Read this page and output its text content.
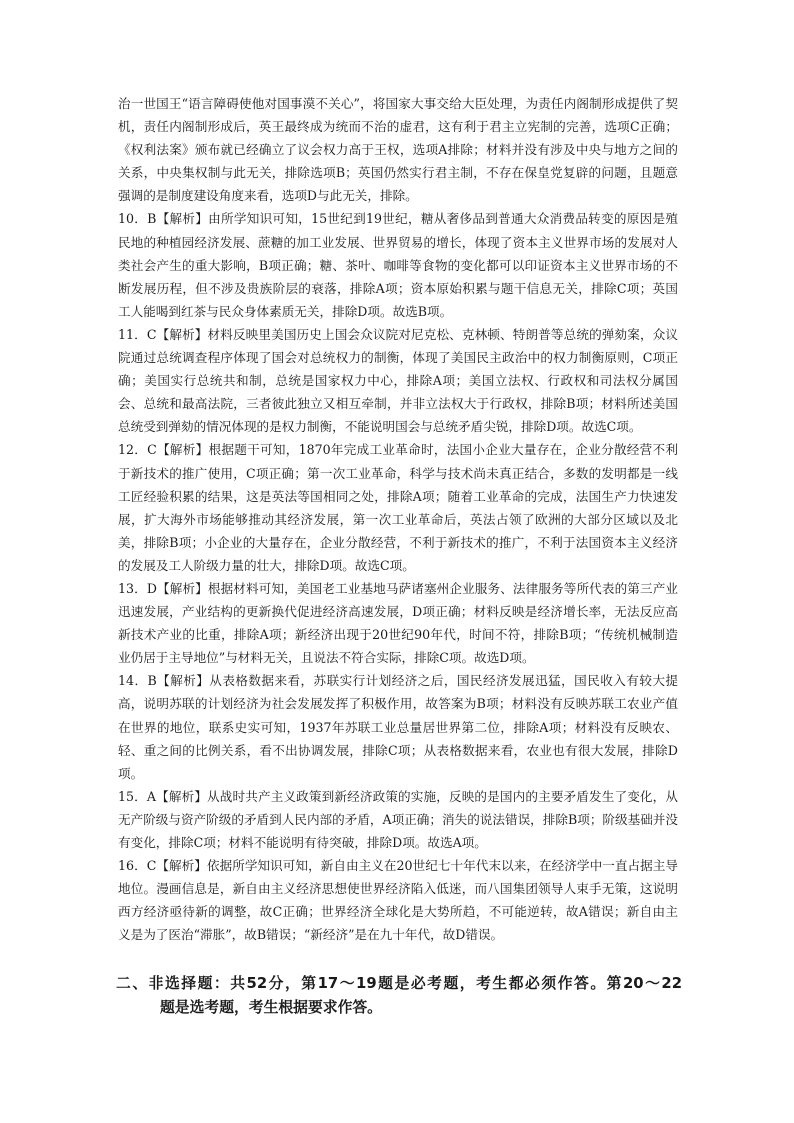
治一世国王“语言障碍使他对国事漠不关心”，将国家大事交给大臣处理，为责任内阁制形成提供了契机，责任内阁制形成后，英王最终成为统而不治的虚君，这有利于君主立宪制的完善，选项C正确；《权利法案》颁布就已经确立了议会权力高于王权，选项A排除；材料并没有涉及中央与地方之间的关系，中央集权制与此无关，排除选项B；英国仍然实行君主制，不存在保皇党复辟的问题，且题意强调的是制度建设角度来看，选项D与此无关，排除。

10．B【解析】由所学知识可知，15世纪到19世纪，糖从奢侈品到普通大众消费品转变的原因是殖民地的种植园经济发展、蔗糖的加工业发展、世界贸易的增长，体现了资本主义世界市场的发展对人类社会产生的重大影响，B项正确；糖、茶叶、咖啡等食物的变化都可以印证资本主义世界市场的不断发展历程，但不涉及贵族阶层的衰落，排除A项；资本原始积累与题干信息无关，排除C项；英国工人能喝到红茶与民众身体素质无关，排除D项。故选B项。

11．C【解析】材料反映里美国历史上国会众议院对尼克松、克林顿、特朗普等总统的弹劾案，众议院通过总统调查程序体现了国会对总统权力的制衡，体现了美国民主政治中的权力制衡原则，C项正确；美国实行总统共和制，总统是国家权力中心，排除A项；美国立法权、行政权和司法权分属国会、总统和最高法院，三者彼此独立又相互牵制，并非立法权大于行政权，排除B项；材料所述美国总统受到弹劾的情况体现的是权力制衡，不能说明国会与总统矛盾尖锐，排除D项。故选C项。

12．C【解析】根据题干可知，1870年完成工业革命时，法国小企业大量存在，企业分散经营不利于新技术的推广使用，C项正确；第一次工业革命，科学与技术尚未真正结合，多数的发明都是一线工匠经验积累的结果，这是英法等国相同之处，排除A项；随着工业革命的完成，法国生产力快速发展，扩大海外市场能够推动其经济发展，第一次工业革命后，英法占领了欧洲的大部分区域以及北美，排除B项；小企业的大量存在，企业分散经营，不利于新技术的推广，不利于法国资本主义经济的发展及工人阶级力量的壮大，排除D项。故选C项。

13．D【解析】根据材料可知，美国老工业基地马萨诸塞州企业服务、法律服务等所代表的第三产业迅速发展，产业结构的更新换代促进经济高速发展，D项正确；材料反映是经济增长率，无法反应高新技术产业的比重，排除A项；新经济出现于20世纪90年代，时间不符，排除B项；“传统机械制造业仍居于主导地位”与材料无关，且说法不符合实际，排除C项。故选D项。

14．B【解析】从表格数据来看，苏联实行计划经济之后，国民经济发展迅猛，国民收入有较大提高，说明苏联的计划经济为社会发展发挥了积极作用，故答案为B项；材料没有反映苏联工农业产值在世界的地位，联系史实可知，1937年苏联工业总量居世界第二位，排除A项；材料没有反映农、轻、重之间的比例关系，看不出协调发展，排除C项；从表格数据来看，农业也有很大发展，排除D项。

15．A【解析】从战时共产主义政策到新经济政策的实施，反映的是国内的主要矛盾发生了变化，从无产阶级与资产阶级的矛盾到人民内部的矛盾，A项正确；消失的说法错误，排除B项；阶级基础并没有变化，排除C项；材料不能说明有待突破，排除D项。故选A项。

16．C【解析】依据所学知识可知，新自由主义在20世纪七十年代末以来，在经济学中一直占据主导地位。漫画信息是，新自由主义经济思想使世界经济陷入低迷，而八国集团领导人束手无策，这说明西方经济亟待新的调整，故C正确；世界经济全球化是大势所趋，不可能逆转，故A错误；新自由主义是为了医治“滞胀”，故B错误；“新经济”是在九十年代，故D错误。

二、非选择题：共52分，第17～19题是必考题，考生都必须作答。第20～22
题是选考题，考生根据要求作答。
